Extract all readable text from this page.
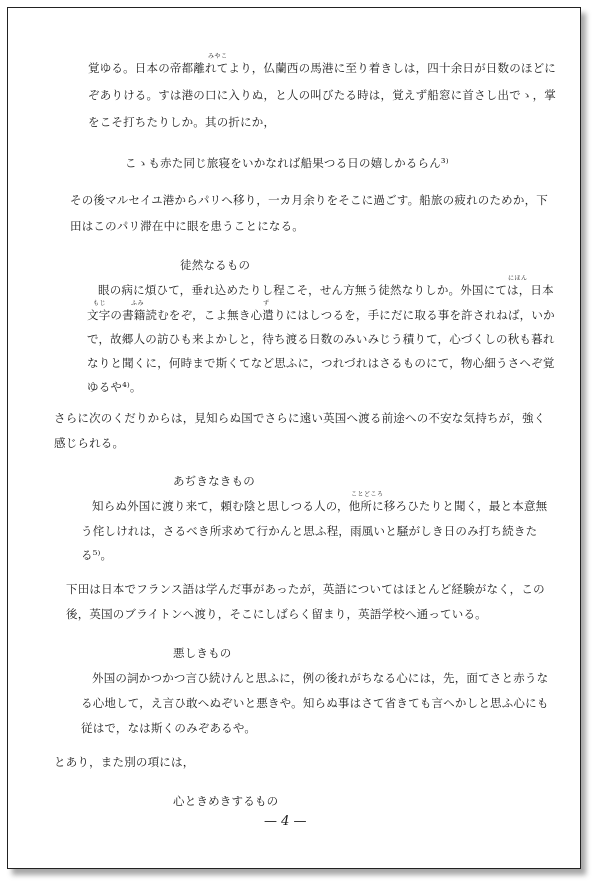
みやこ
覚ゆる。日本の帝都離れてより，仏蘭西の馬港に至り着きしは，四十余日が日数のほどに
ぞありける。すは港の口に入りぬ，と人の叫びたる時は，覚えず船窓に首さし出でゝ，掌
をこそ打ちたりしか。其の折にか，
こゝも赤た同じ旅寝をいかなれば船果つる日の嬉しかるらん³⁾
その後マルセイユ港からパリへ移り，一カ月余りをそこに過ごす。船旅の疲れのためか，下
田はこのパリ滞在中に眼を患うことになる。
徒然なるもの
にほん
眼の病に煩ひて，垂れ込めたりし程こそ，せん方無う徒然なりしか。外国にては，日本
もじ	ふみ	ず
文字の書籍読むをぞ，こよ無き心遣りにはしつるを，手にだに取る事を許されねば，いか
で，故郷人の訪ひも来よかしと，待ち渡る日数のみいみじう積りて，心づくしの秋も暮れ
なりと聞くに，何時まで斯くてなど思ふに，つれづれはさるものにて，物心細うさへぞ覚
ゆるや⁴⁾。
さらに次のくだりからは，見知らぬ国でさらに遠い英国へ渡る前途への不安な気持ちが，強く
感じられる。
あぢきなきもの
ことどころ
知らぬ外国に渡り来て，頼む陰と思しつる人の，他所に移ろひたりと聞く，最と本意無
う侘しけれは，さるべき所求めて行かんと思ふ程，雨風いと騒がしき日のみ打ち続きた
る⁵⁾。
下田は日本でフランス語は学んだ事があったが，英語についてはほとんど経験がなく，この
後，英国のブライトンへ渡り，そこにしばらく留まり，英語学校へ通っている。
悪しきもの
外国の詞かつかつ言ひ続けんと思ふに，例の後れがちなる心には，先，面てさと赤うな
る心地して，え言ひ敢へぬぞいと悪きや。知らぬ事はさて省きても言へかしと思ふ心にも
従はで，なは斯くのみぞあるや。
とあり，また別の項には，
心ときめきするもの
— 4 —
